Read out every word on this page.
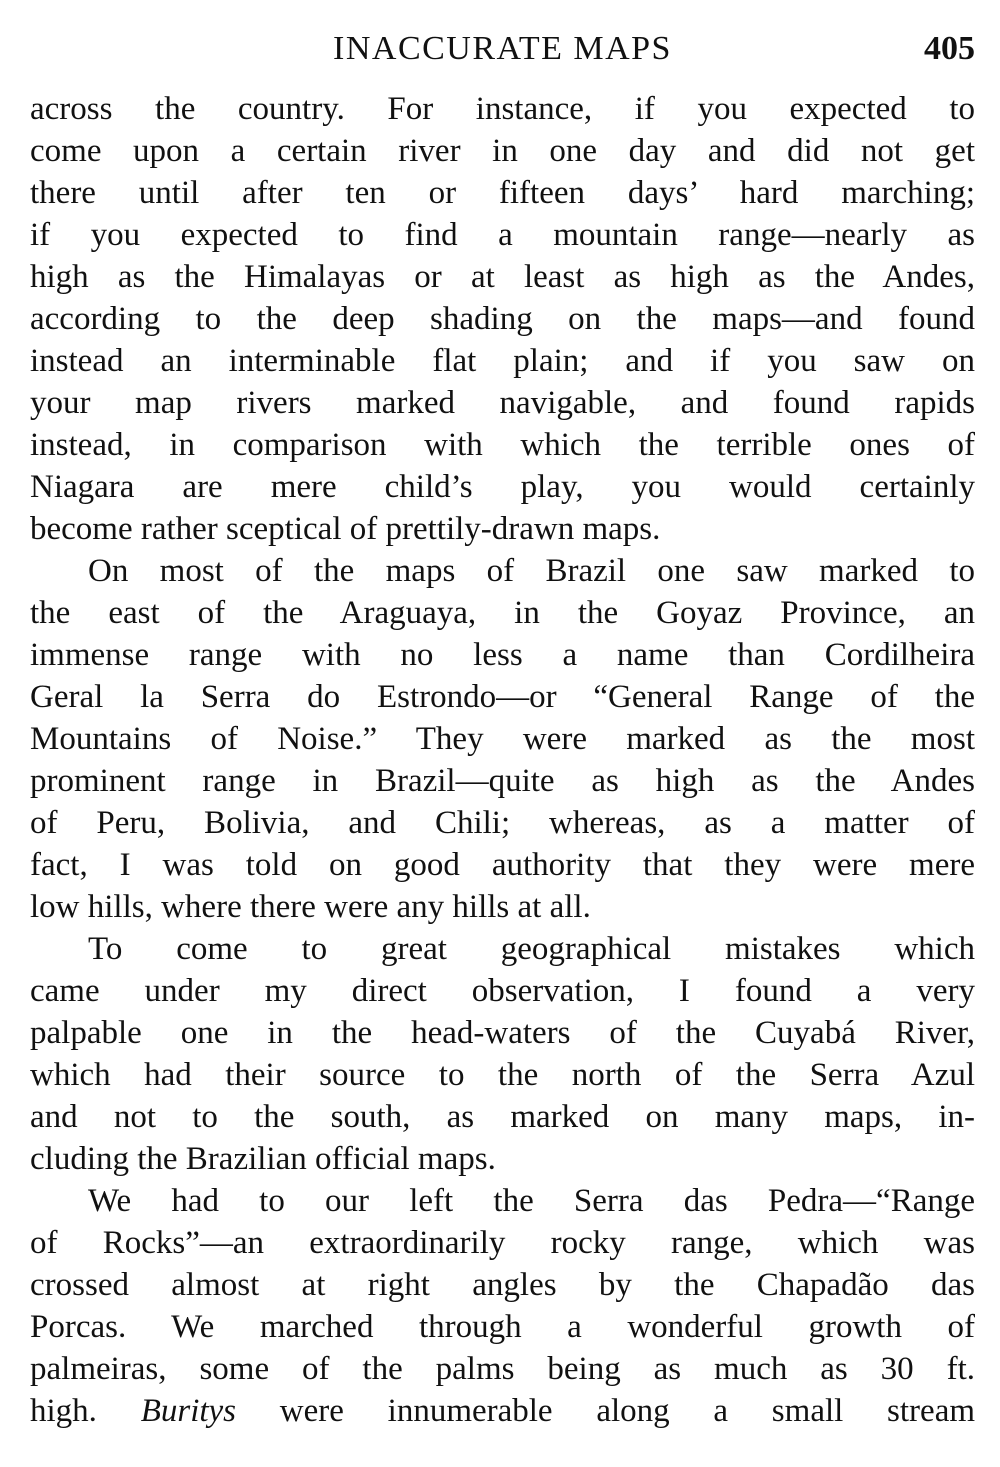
INACCURATE MAPS	405
across the country. For instance, if you expected to
come upon a certain river in one day and did not get
there until after ten or fifteen days’ hard marching;
if you expected to find a mountain range—nearly as
high as the Himalayas or at least as high as the Andes,
according to the deep shading on the maps—and found
instead an interminable flat plain; and if you saw on
your map rivers marked navigable, and found rapids
instead, in comparison with which the terrible ones of
Niagara are mere child’s play, you would certainly
become rather sceptical of prettily-drawn maps.
On most of the maps of Brazil one saw marked to
the east of the Araguaya, in the Goyaz Province, an
immense range with no less a name than Cordilheira
Geral la Serra do Estrondo—or “General Range of the
Mountains of Noise.” They were marked as the most
prominent range in Brazil—quite as high as the Andes
of Peru, Bolivia, and Chili; whereas, as a matter of
fact, I was told on good authority that they were mere
low hills, where there were any hills at all.
To come to great geographical mistakes which
came under my direct observation, I found a very
palpable one in the head-waters of the Cuyabá River,
which had their source to the north of the Serra Azul
and not to the south, as marked on many maps, in-
cluding the Brazilian official maps.
We had to our left the Serra das Pedra—“Range
of Rocks”—an extraordinarily rocky range, which was
crossed almost at right angles by the Chapadão das
Porcas. We marched through a wonderful growth of
palmeiras, some of the palms being as much as 30 ft.
high. Buritys were innumerable along a small stream
